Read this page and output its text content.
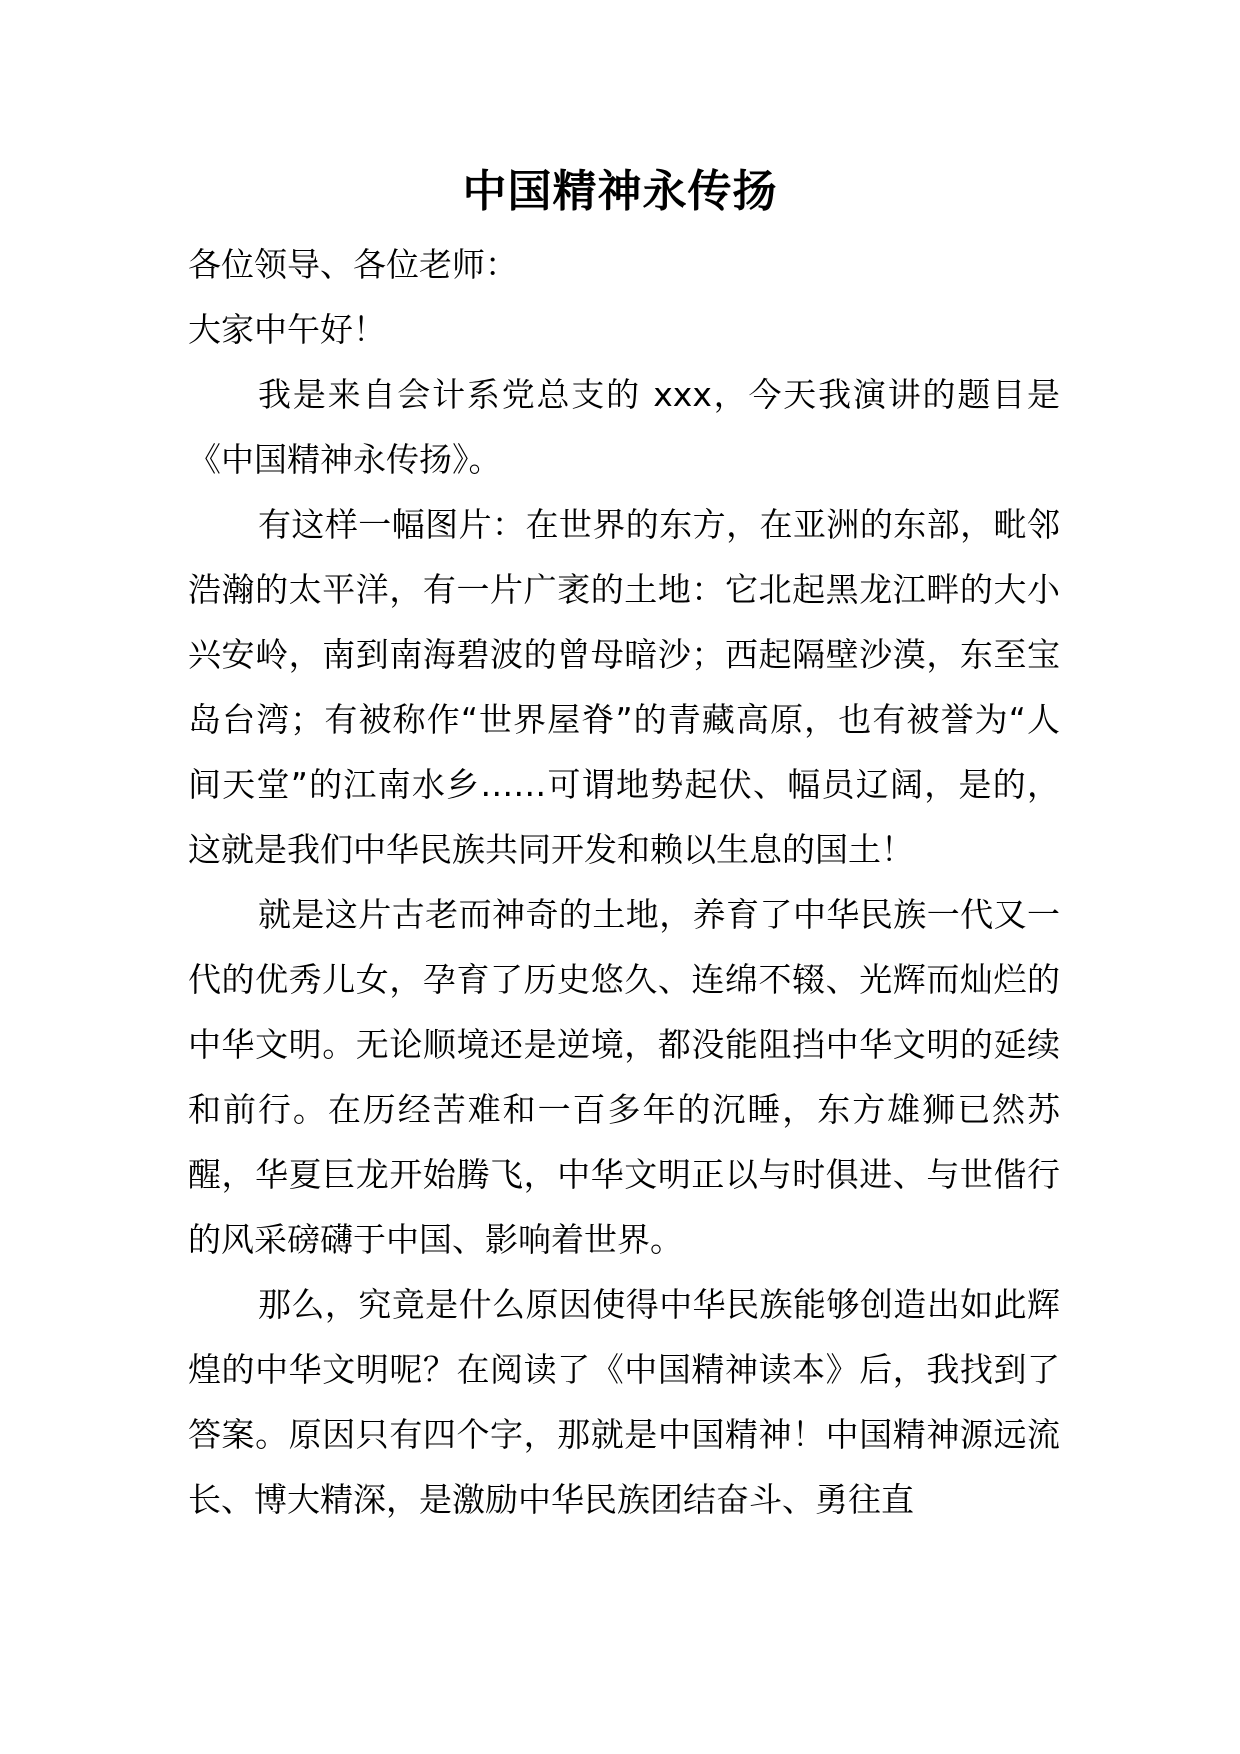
中国精神永传扬

各位领导、各位老师：

大家中午好！

我是来自会计系党总支的 xxx，今天我演讲的题目是《中国精神永传扬》。

有这样一幅图片：在世界的东方，在亚洲的东部，毗邻浩瀚的太平洋，有一片广袤的土地：它北起黑龙江畔的大小兴安岭，南到南海碧波的曾母暗沙；西起隔壁沙漠，东至宝岛台湾；有被称作“世界屋脊”的青藏高原，也有被誉为“人间天堂”的江南水乡……可谓地势起伏、幅员辽阔，是的，这就是我们中华民族共同开发和赖以生息的国土！

就是这片古老而神奇的土地，养育了中华民族一代又一代的优秀儿女，孕育了历史悠久、连绵不辍、光辉而灿烂的中华文明。无论顺境还是逆境，都没能阻挡中华文明的延续和前行。在历经苦难和一百多年的沉睡，东方雄狮已然苏醒，华夏巨龙开始腾飞，中华文明正以与时俱进、与世偕行的风采磅礴于中国、影响着世界。

那么，究竟是什么原因使得中华民族能够创造出如此辉煌的中华文明呢？在阅读了《中国精神读本》后，我找到了答案。原因只有四个字，那就是中国精神！中国精神源远流长、博大精深，是激励中华民族团结奋斗、勇往直
